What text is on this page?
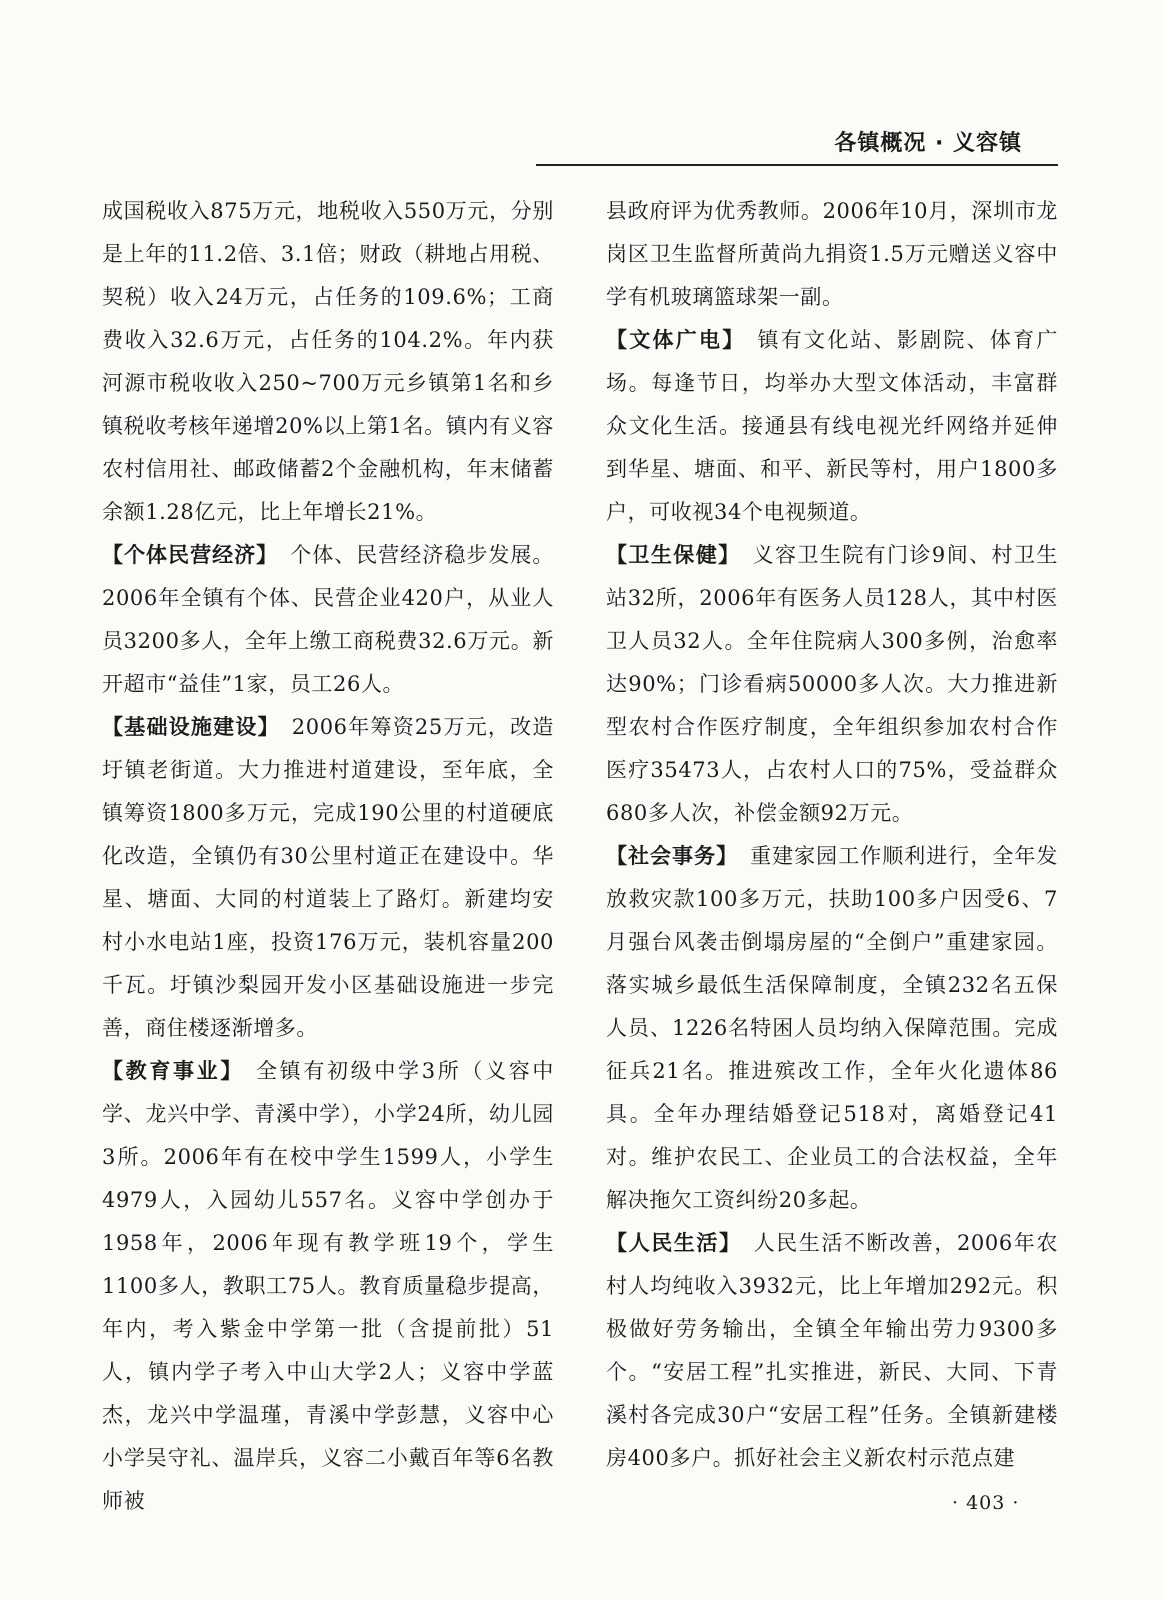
各镇概况 · 义容镇

成国税收入875万元，地税收入550万元，分别是上年的11.2倍、3.1倍；财政（耕地占用税、契税）收入24万元，占任务的109.6%；工商费收入32.6万元，占任务的104.2%。年内获河源市税收收入250~700万元乡镇第1名和乡镇税收考核年递增20%以上第1名。镇内有义容农村信用社、邮政储蓄2个金融机构，年末储蓄余额1.28亿元，比上年增长21%。

【个体民营经济】 个体、民营经济稳步发展。2006年全镇有个体、民营企业420户，从业人员3200多人，全年上缴工商税费32.6万元。新开超市“益佳”1家，员工26人。

【基础设施建设】 2006年筹资25万元，改造圩镇老街道。大力推进村道建设，至年底，全镇筹资1800多万元，完成190公里的村道硬底化改造，全镇仍有30公里村道正在建设中。华星、塘面、大同的村道装上了路灯。新建均安村小水电站1座，投资176万元，装机容量200千瓦。圩镇沙梨园开发小区基础设施进一步完善，商住楼逐渐增多。

【教育事业】 全镇有初级中学3所（义容中学、龙兴中学、青溪中学），小学24所，幼儿园3所。2006年有在校中学生1599人，小学生4979人，入园幼儿557名。义容中学创办于1958年，2006年现有教学班19个，学生1100多人，教职工75人。教育质量稳步提高，年内，考入紫金中学第一批（含提前批）51人，镇内学子考入中山大学2人；义容中学蓝杰，龙兴中学温瑾，青溪中学彭慧，义容中心小学吴守礼、温岸兵，义容二小戴百年等6名教师被

县政府评为优秀教师。2006年10月，深圳市龙岗区卫生监督所黄尚九捐资1.5万元赠送义容中学有机玻璃篮球架一副。

【文体广电】 镇有文化站、影剧院、体育广场。每逢节日，均举办大型文体活动，丰富群众文化生活。接通县有线电视光纤网络并延伸到华星、塘面、和平、新民等村，用户1800多户，可收视34个电视频道。

【卫生保健】 义容卫生院有门诊9间、村卫生站32所，2006年有医务人员128人，其中村医卫人员32人。全年住院病人300多例，治愈率达90%；门诊看病50000多人次。大力推进新型农村合作医疗制度，全年组织参加农村合作医疗35473人，占农村人口的75%，受益群众680多人次，补偿金额92万元。

【社会事务】 重建家园工作顺利进行，全年发放救灾款100多万元，扶助100多户因受6、7月强台风袭击倒塌房屋的“全倒户”重建家园。落实城乡最低生活保障制度，全镇232名五保人员、1226名特困人员均纳入保障范围。完成征兵21名。推进殡改工作，全年火化遗体86具。全年办理结婚登记518对，离婚登记41对。维护农民工、企业员工的合法权益，全年解决拖欠工资纠纷20多起。

【人民生活】 人民生活不断改善，2006年农村人均纯收入3932元，比上年增加292元。积极做好劳务输出，全镇全年输出劳力9300多个。“安居工程”扎实推进，新民、大同、下青溪村各完成30户“安居工程”任务。全镇新建楼房400多户。抓好社会主义新农村示范点建

· 403 ·
